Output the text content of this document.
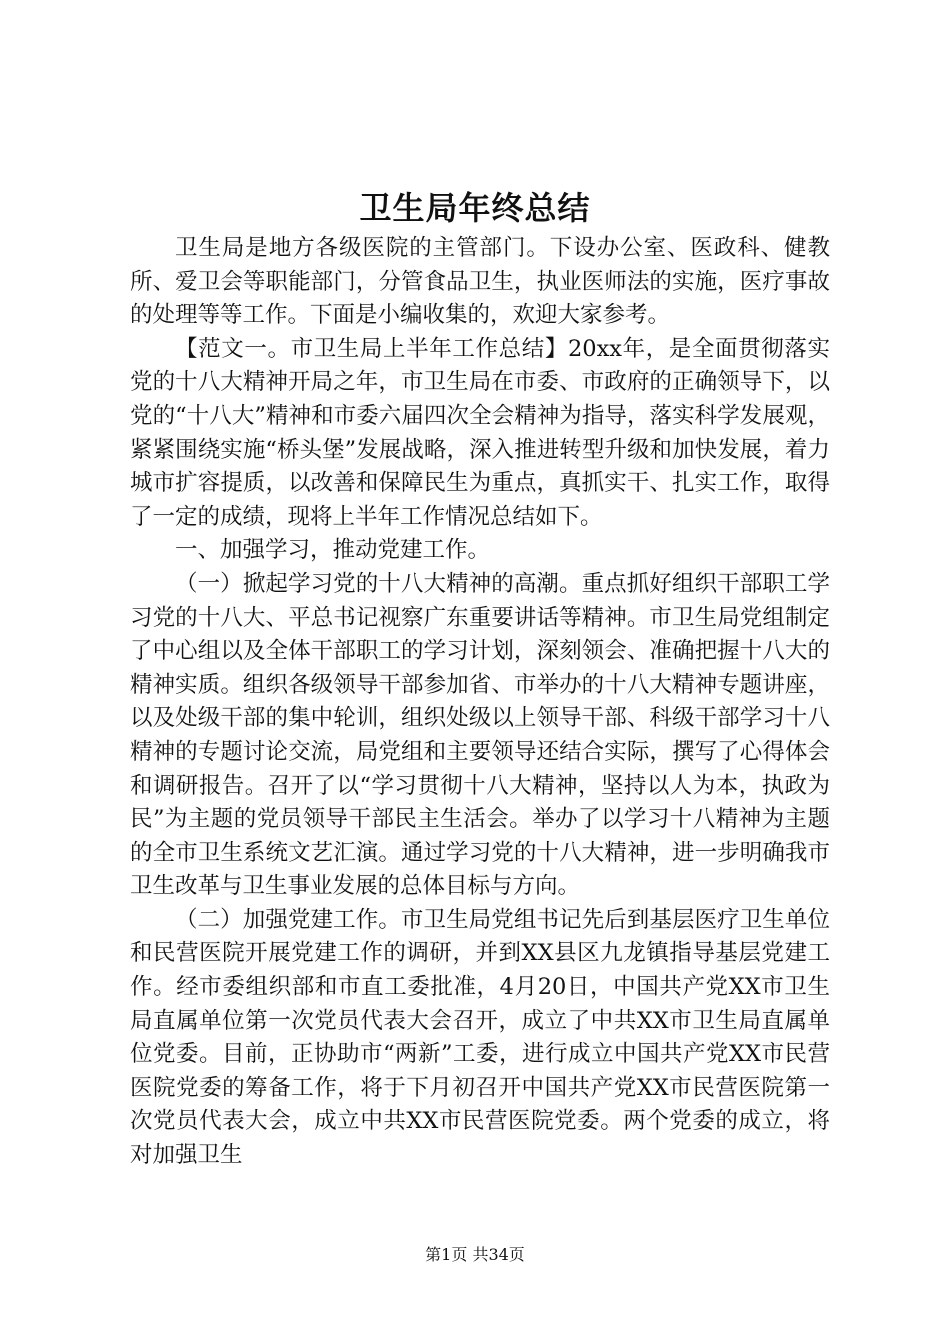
卫生局年终总结

卫生局是地方各级医院的主管部门。下设办公室、医政科、健教所、爱卫会等职能部门，分管食品卫生，执业医师法的实施，医疗事故的处理等等工作。下面是小编收集的，欢迎大家参考。

【范文一。市卫生局上半年工作总结】20xx年，是全面贯彻落实党的十八大精神开局之年，市卫生局在市委、市政府的正确领导下，以党的“十八大”精神和市委六届四次全会精神为指导，落实科学发展观，紧紧围绕实施“桥头堡”发展战略，深入推进转型升级和加快发展，着力城市扩容提质，以改善和保障民生为重点，真抓实干、扎实工作，取得了一定的成绩，现将上半年工作情况总结如下。

一、加强学习，推动党建工作。

（一）掀起学习党的十八大精神的高潮。重点抓好组织干部职工学习党的十八大、平总书记视察广东重要讲话等精神。市卫生局党组制定了中心组以及全体干部职工的学习计划，深刻领会、准确把握十八大的精神实质。组织各级领导干部参加省、市举办的十八大精神专题讲座，以及处级干部的集中轮训，组织处级以上领导干部、科级干部学习十八精神的专题讨论交流，局党组和主要领导还结合实际，撰写了心得体会和调研报告。召开了以“学习贯彻十八大精神，坚持以人为本，执政为民”为主题的党员领导干部民主生活会。举办了以学习十八精神为主题的全市卫生系统文艺汇演。通过学习党的十八大精神，进一步明确我市卫生改革与卫生事业发展的总体目标与方向。

（二）加强党建工作。市卫生局党组书记先后到基层医疗卫生单位和民营医院开展党建工作的调研，并到XX县区九龙镇指导基层党建工作。经市委组织部和市直工委批准，4月20日，中国共产党XX市卫生局直属单位第一次党员代表大会召开，成立了中共XX市卫生局直属单位党委。目前，正协助市“两新”工委，进行成立中国共产党XX市民营医院党委的筹备工作，将于下月初召开中国共产党XX市民营医院第一次党员代表大会，成立中共XX市民营医院党委。两个党委的成立，将对加强卫生

第1页 共34页
